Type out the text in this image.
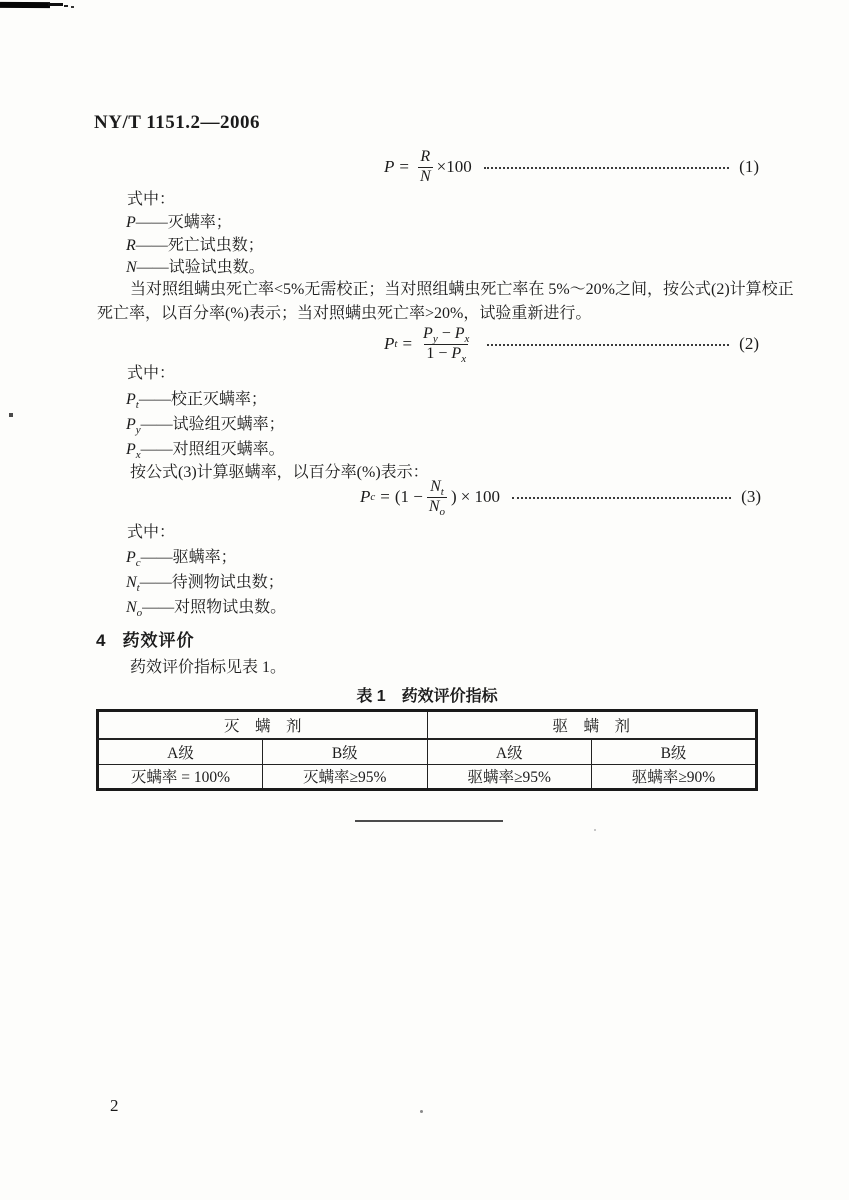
NY/T 1151.2—2006
$P = \frac{R}{N} \times 100$	(1)
式中：
P——灭螨率；
R——死亡试虫数；
N——试验试虫数。
当对照组螨虫死亡率<5%无需校正；当对照组螨虫死亡率在 5%～20%之间，按公式(2)计算校正
死亡率，以百分率(%)表示；当对照螨虫死亡率>20%，试验重新进行。
P $t = \frac{P_y - P_x}{1 - P_x}$	(2)
式中：
$P_t——$校正灭螨率；
$P_y——$试验组灭螨率；
$P_x——$对照组灭螨率。
按公式(3)计算驱螨率，以百分率(%)表示：
P $c = (1 - \frac{N_t}{N_o}$ ) × 100	(3)
式中：
$P_c——$驱螨率；
$N_t——$待测物试虫数；
$N_o——$对照物试虫数。
4 药效评价
药效评价指标见表 1。
表 1　药效评价指标
灭　螨　剂		驱　螨　剂	
A级	B级	A级	B级
灭螨率 = 100%	灭螨率≥95%	驱螨率≥95%	驱螨率≥90%
2
